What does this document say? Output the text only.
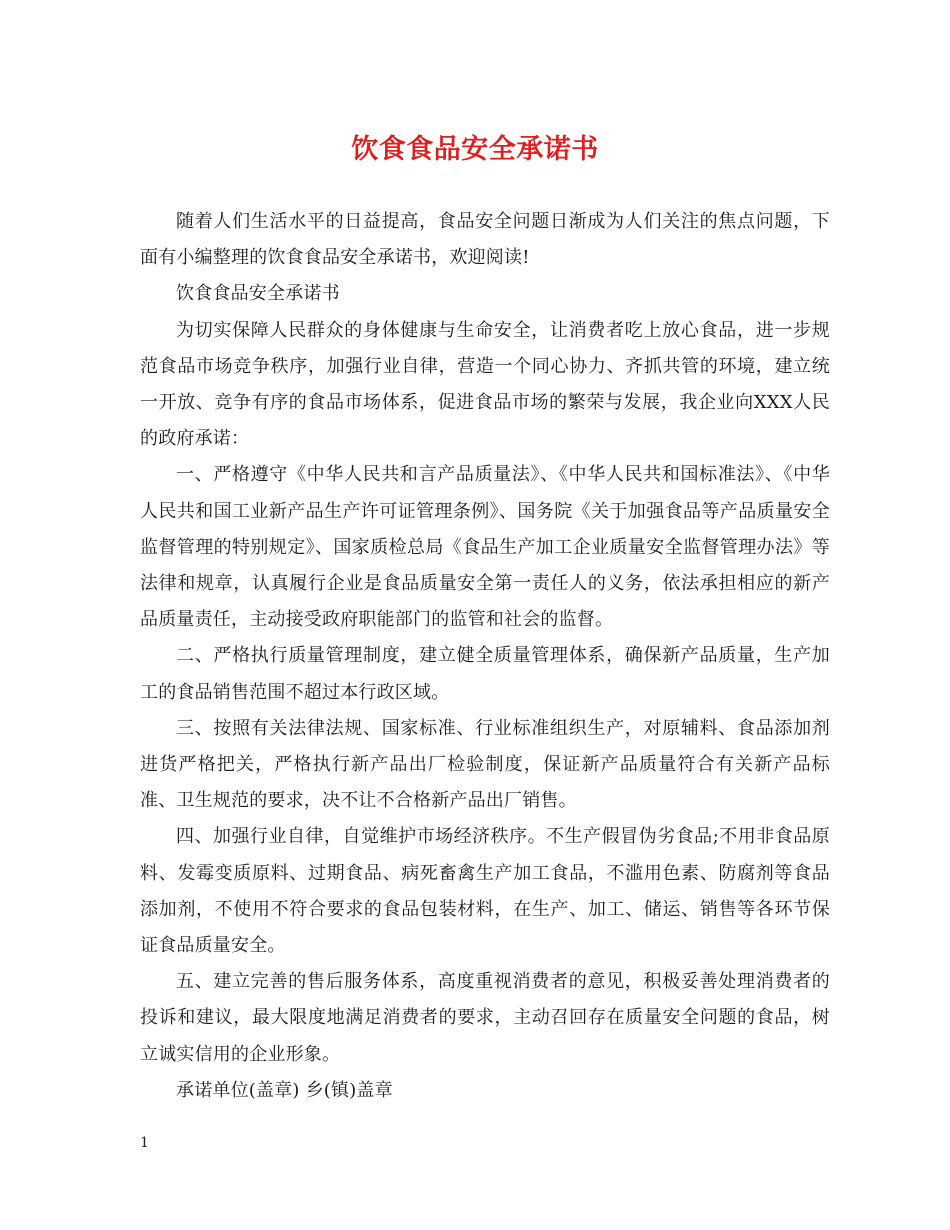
饮食食品安全承诺书

随着人们生活水平的日益提高，食品安全问题日渐成为人们关注的焦点问题，下面有小编整理的饮食食品安全承诺书，欢迎阅读!

饮食食品安全承诺书

为切实保障人民群众的身体健康与生命安全，让消费者吃上放心食品，进一步规范食品市场竞争秩序，加强行业自律，营造一个同心协力、齐抓共管的环境，建立统一开放、竞争有序的食品市场体系，促进食品市场的繁荣与发展，我企业向XXX人民的政府承诺：

一、严格遵守《中华人民共和言产品质量法》、《中华人民共和国标准法》、《中华人民共和国工业新产品生产许可证管理条例》、国务院《关于加强食品等产品质量安全监督管理的特别规定》、国家质检总局《食品生产加工企业质量安全监督管理办法》等法律和规章，认真履行企业是食品质量安全第一责任人的义务，依法承担相应的新产品质量责任，主动接受政府职能部门的监管和社会的监督。

二、严格执行质量管理制度，建立健全质量管理体系，确保新产品质量，生产加工的食品销售范围不超过本行政区域。

三、按照有关法律法规、国家标准、行业标准组织生产，对原辅料、食品添加剂进货严格把关，严格执行新产品出厂检验制度，保证新产品质量符合有关新产品标准、卫生规范的要求，决不让不合格新产品出厂销售。

四、加强行业自律，自觉维护市场经济秩序。不生产假冒伪劣食品;不用非食品原料、发霉变质原料、过期食品、病死畜禽生产加工食品，不滥用色素、防腐剂等食品添加剂，不使用不符合要求的食品包装材料，在生产、加工、储运、销售等各环节保证食品质量安全。

五、建立完善的售后服务体系，高度重视消费者的意见，积极妥善处理消费者的投诉和建议，最大限度地满足消费者的要求，主动召回存在质量安全问题的食品，树立诚实信用的企业形象。

承诺单位(盖章) 乡(镇)盖章

1
